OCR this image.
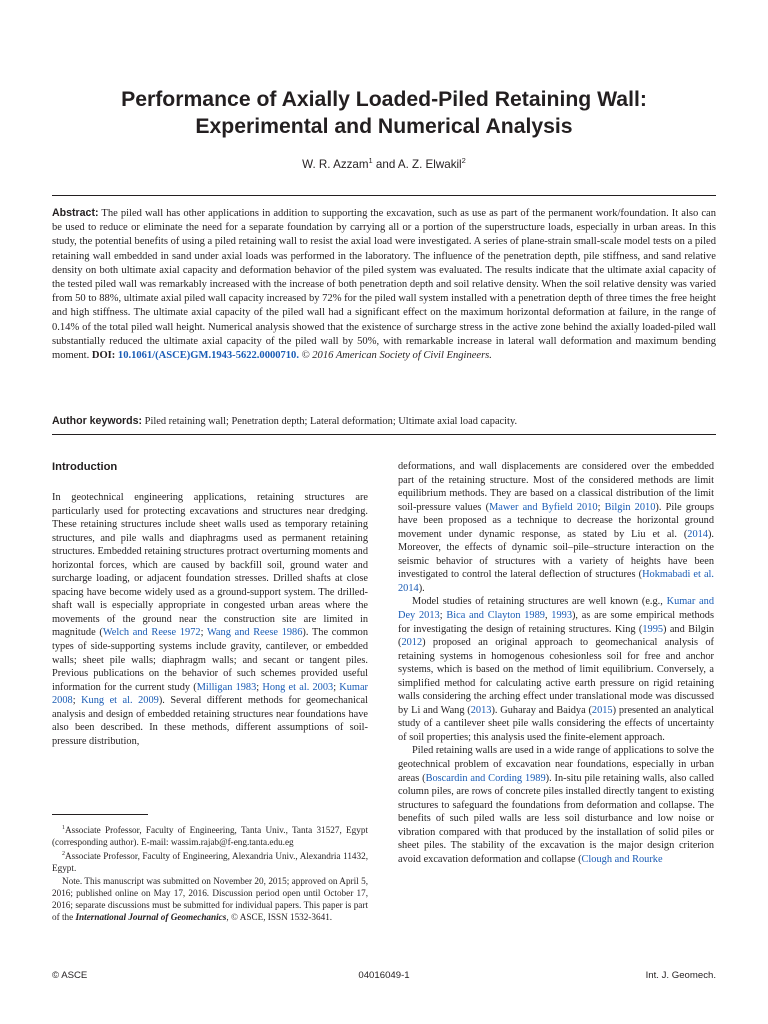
Performance of Axially Loaded-Piled Retaining Wall: Experimental and Numerical Analysis
W. R. Azzam$^1$ and A. Z. Elwakil$^2$
Abstract: The piled wall has other applications in addition to supporting the excavation, such as use as part of the permanent work/foundation. It also can be used to reduce or eliminate the need for a separate foundation by carrying all or a portion of the superstructure loads, especially in urban areas. In this study, the potential benefits of using a piled retaining wall to resist the axial load were investigated. A series of plane-strain small-scale model tests on a piled retaining wall embedded in sand under axial loads was performed in the laboratory. The influence of the penetration depth, pile stiffness, and sand relative density on both ultimate axial capacity and deformation behavior of the piled system was evaluated. The results indicate that the ultimate axial capacity of the tested piled wall was remarkably increased with the increase of both penetration depth and soil relative density. When the soil relative density was varied from 50 to 88%, ultimate axial piled wall capacity increased by 72% for the piled wall system installed with a penetration depth of three times the free height and high stiffness. The ultimate axial capacity of the piled wall had a significant effect on the maximum horizontal deformation at failure, in the range of 0.14% of the total piled wall height. Numerical analysis showed that the existence of surcharge stress in the active zone behind the axially loaded-piled wall substantially reduced the ultimate axial capacity of the piled wall by 50%, with remarkable increase in lateral wall deformation and maximum bending moment. DOI: 10.1061/(ASCE)GM.1943-5622.0000710. © 2016 American Society of Civil Engineers.
Author keywords: Piled retaining wall; Penetration depth; Lateral deformation; Ultimate axial load capacity.
Introduction

In geotechnical engineering applications, retaining structures are particularly used for protecting excavations and structures near dredging. These retaining structures include sheet walls used as temporary retaining structures, and pile walls and diaphragms used as permanent retaining structures. Embedded retaining structures protract overturning moments and horizontal forces, which are caused by backfill soil, ground water and surcharge loading, or adjacent foundation stresses. Drilled shafts at close spacing have become widely used as a ground-support system. The drilled-shaft wall is especially appropriate in congested urban areas where the movements of the ground near the construction site are limited in magnitude (Welch and Reese 1972; Wang and Reese 1986). The common types of side-supporting systems include gravity, cantilever, or embedded walls; sheet pile walls; diaphragm walls; and secant or tangent piles. Previous publications on the behavior of such schemes provided useful information for the current study (Milligan 1983; Hong et al. 2003; Kumar 2008; Kung et al. 2009). Several different methods for geomechanical analysis and design of embedded retaining structures near foundations have also been described. In these methods, different assumptions of soil-pressure distribution,

$^1$Associate Professor, Faculty of Engineering, Tanta Univ., Tanta 31527, Egypt (corresponding author). E-mail: wassim.rajab@f-eng.tanta.edu.eg

$^2$Associate Professor, Faculty of Engineering, Alexandria Univ., Alexandria 11432, Egypt.

Note. This manuscript was submitted on November 20, 2015; approved on April 5, 2016; published online on May 17, 2016. Discussion period open until October 17, 2016; separate discussions must be submitted for individual papers. This paper is part of the International Journal of Geomechanics, © ASCE, ISSN 1532-3641.

deformations, and wall displacements are considered over the embedded part of the retaining structure. Most of the considered methods are limit equilibrium methods. They are based on a classical distribution of the limit soil-pressure values (Mawer and Byfield 2010; Bilgin 2010). Pile groups have been proposed as a technique to decrease the horizontal ground movement under dynamic response, as stated by Liu et al. (2014). Moreover, the effects of dynamic soil–pile–structure interaction on the seismic behavior of structures with a variety of heights have been investigated to control the lateral deflection of structures (Hokmabadi et al. 2014).

Model studies of retaining structures are well known (e.g., Kumar and Dey 2013; Bica and Clayton 1989, 1993), as are some empirical methods for investigating the design of retaining structures. King (1995) and Bilgin (2012) proposed an original approach to geomechanical analysis of retaining systems in homogenous cohesionless soil for free and anchor systems, which is based on the method of limit equilibrium. Conversely, a simplified method for calculating active earth pressure on rigid retaining walls considering the arching effect under translational mode was discussed by Li and Wang (2013). Guharay and Baidya (2015) presented an analytical study of a cantilever sheet pile walls considering the effects of uncertainty of soil properties; this analysis used the finite-element approach.

Piled retaining walls are used in a wide range of applications to solve the geotechnical problem of excavation near foundations, especially in urban areas (Boscardin and Cording 1989). In-situ pile retaining walls, also called column piles, are rows of concrete piles installed directly tangent to existing structures to safeguard the foundations from deformation and collapse. The benefits of such piled walls are less soil disturbance and low noise or vibration compared with that produced by the installation of solid piles or sheet piles. The stability of the excavation is the major design criterion avoid excavation deformation and collapse (Clough and Rourke

© ASCE	04016049-1	Int. J. Geomech.
